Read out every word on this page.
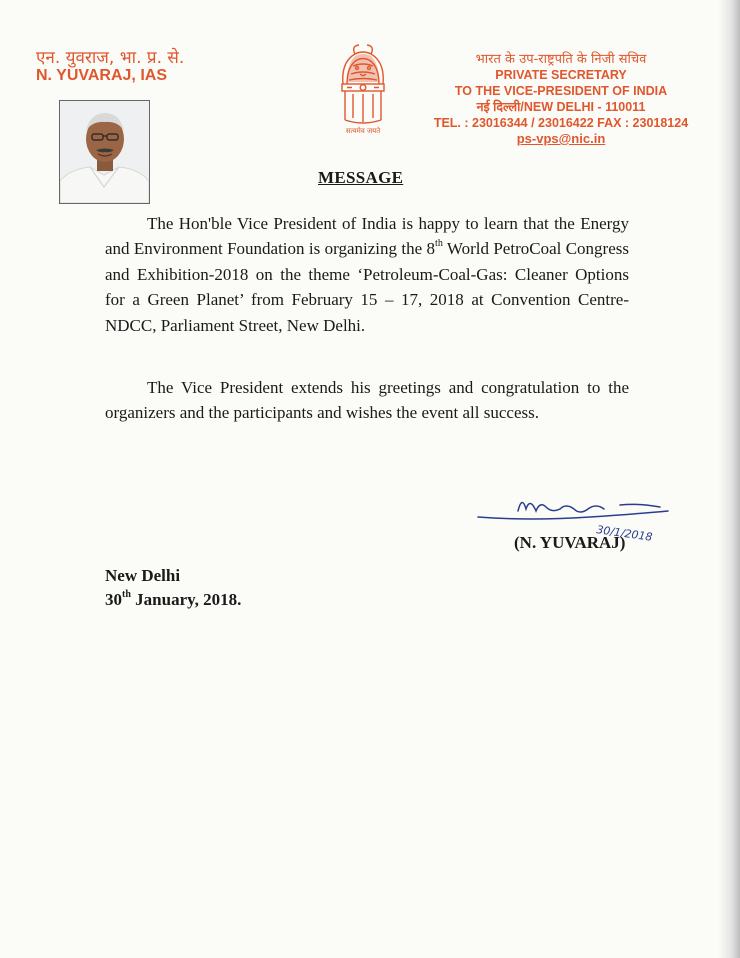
एन. युवराज, भा. प्र. से.
N. YUVARAJ, IAS
सत्यमेव जयते
भारत के उप-राष्ट्रपति के निजी सचिव
PRIVATE SECRETARY
TO THE VICE-PRESIDENT OF INDIA
नई दिल्ली/NEW DELHI - 110011
TEL. : 23016344 / 23016422 FAX : 23018124
ps-vps@nic.in
MESSAGE
The Hon'ble Vice President of India is happy to learn that the Energy and Environment Foundation is organizing the 8th World PetroCoal Congress and Exhibition-2018 on the theme ‘Petroleum-Coal-Gas: Cleaner Options for a Green Planet’ from February 15 – 17, 2018 at Convention Centre-NDCC, Parliament Street, New Delhi.
The Vice President extends his greetings and congratulation to the organizers and the participants and wishes the event all success.
30/1/2018
(N. YUVARAJ)
New Delhi
30th January, 2018.
